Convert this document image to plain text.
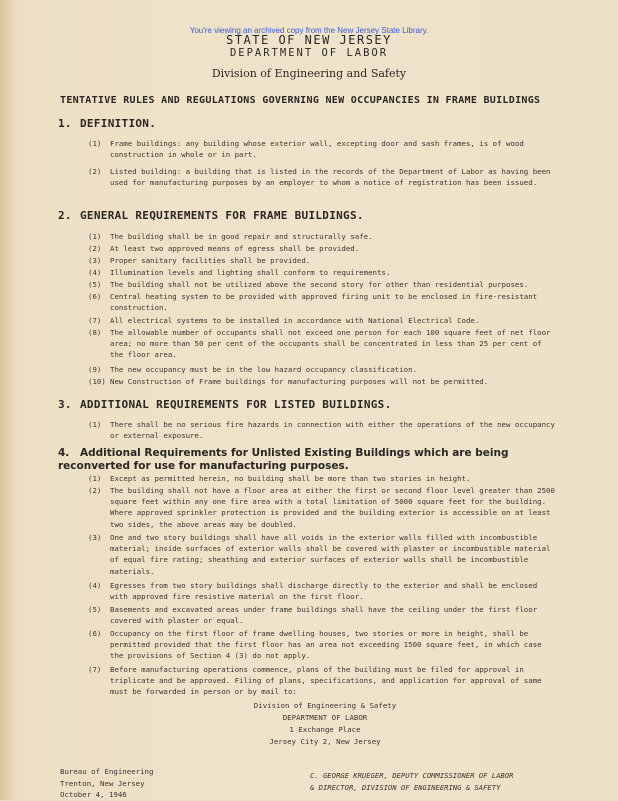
You're viewing an archived copy from the New Jersey State Library.
STATE OF NEW JERSEY
DEPARTMENT OF LABOR
Division of Engineering and Safety
TENTATIVE RULES AND REGULATIONS GOVERNING NEW OCCUPANCIES IN FRAME BUILDINGS
1. DEFINITION.
(1)	Frame buildings: any building whose exterior wall, excepting door and sash frames, is of wood construction in whole or in part.
(2)	Listed building: a building that is listed in the records of the Department of Labor as having been used for manufacturing purposes by an employer to whom a notice of registration has been issued.
2. GENERAL REQUIREMENTS FOR FRAME BUILDINGS.
(1)	The building shall be in good repair and structurally safe.
(2)	At least two approved means of egress shall be provided.
(3)	Proper sanitary facilities shall be provided.
(4)	Illumination levels and lighting shall conform to requirements.
(5)	The building shall not be utilized above the second story for other than residential purposes.
(6)	Central heating system to be provided with approved firing unit to be enclosed in fire-resistant construction.
(7)	All electrical systems to be installed in accordance with National Electrical Code.
(8)	The allowable number of occupants shall not exceed one person for each 100 square feet of net floor area; no more than 50 per cent of the occupants shall be concentrated in less than 25 per cent of the floor area.
(9)	The new occupancy must be in the low hazard occupancy classification.
(10) New Construction of Frame buildings for manufacturing purposes will not be permitted.
3. ADDITIONAL REQUIREMENTS FOR LISTED BUILDINGS.
(1)	There shall be no serious fire hazards in connection with either the operations of the new occupancy or external exposure.
4. Additional Requirements for Unlisted Existing Buildings which are being reconverted for use for manufacturing purposes.
(1)	Except as permitted herein, no building shall be more than two stories in height.
(2)	The building shall not have a floor area at either the first or second floor level greater than 2500 square feet within any one fire area with a total limitation of 5000 square feet for the building. Where approved sprinkler protection is provided and the building exterior is accessible on at least two sides, the above areas may be doubled.
(3)	One and two story buildings shall have all voids in the exterior walls filled with incombustible material; inside surfaces of exterior walls shall be covered with plaster or incombustible material of equal fire rating; sheathing and exterior surfaces of exterior walls shall be incombustible materials.
(4)	Egresses from two story buildings shall discharge directly to the exterior and shall be enclosed with approved fire resistive material on the first floor.
(5)	Basements and excavated areas under frame buildings shall have the ceiling under the first floor covered with plaster or equal.
(6)	Occupancy on the first floor of frame dwelling houses, two stories or more in height, shall be permitted provided that the first floor has an area not exceeding 1500 square feet, in which case the provisions of Section 4 (3) do not apply.
(7)	Before manufacturing operations commence, plans of the building must be filed for approval in triplicate and be approved. Filing of plans, specifications, and application for approval of same must be forwarded in person or by mail to:
Division of Engineering & Safety
DEPARTMENT OF LABOR
1 Exchange Place
Jersey City 2, New Jersey
Bureau of Engineering
Trenton, New Jersey
October 4, 1946
C. GEORGE KRUEGER, DEPUTY COMMISSIONER OF LABOR
& DIRECTOR, DIVISION OF ENGINEERING & SAFETY
